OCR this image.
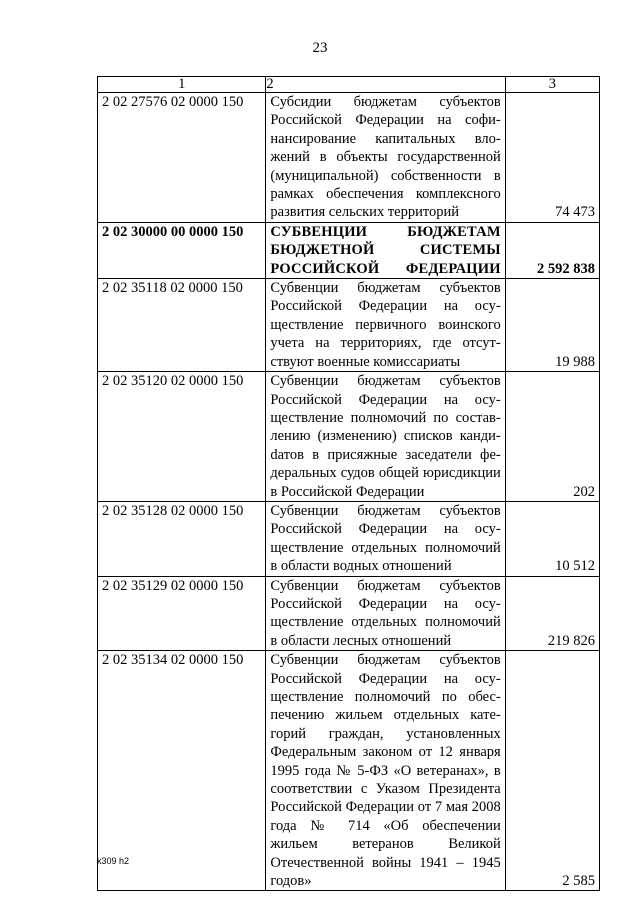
23
1	2	3
2 02 27576 02 0000 150	Субсидии бюджетам субъектов Российской Федерации на софинансирование капитальных вложений в объекты государственной (муниципальной) собственности в рамках обеспечения комплексного развития сельских территорий	74 473
2 02 30000 00 0000 150	СУБВЕНЦИИ БЮДЖЕТАМ БЮДЖЕТНОЙ СИСТЕМЫ РОССИЙСКОЙ ФЕДЕРАЦИИ	2 592 838
2 02 35118 02 0000 150	Субвенции бюджетам субъектов Российской Федерации на осуществление первичного воинского учета на территориях, где отсутствуют военные комиссариаты	19 988
2 02 35120 02 0000 150	Субвенции бюджетам субъектов Российской Федерации на осуществление полномочий по составлению (изменению) списков кандиdатов в присяжные заседатели федеральных судов общей юрисдикции в Российской Федерации	202
2 02 35128 02 0000 150	Субвенции бюджетам субъектов Российской Федерации на осуществление отдельных полномочий в области водных отношений	10 512
2 02 35129 02 0000 150	Субвенции бюджетам субъектов Российской Федерации на осуществление отдельных полномочий в области лесных отношений	219 826
2 02 35134 02 0000 150	Субвенции бюджетам субъектов Российской Федерации на осуществление полномочий по обеспечению жильем отдельных категорий граждан, установленных Федеральным законом от 12 января 1995 года № 5-ФЗ «О ветеранах», в соответствии с Указом Президента Российской Федерации от 7 мая 2008 года № 714 «Об обеспечении жильем ветеранов Великой Отечественной войны 1941 – 1945 годов»	2 585
k309 h2
